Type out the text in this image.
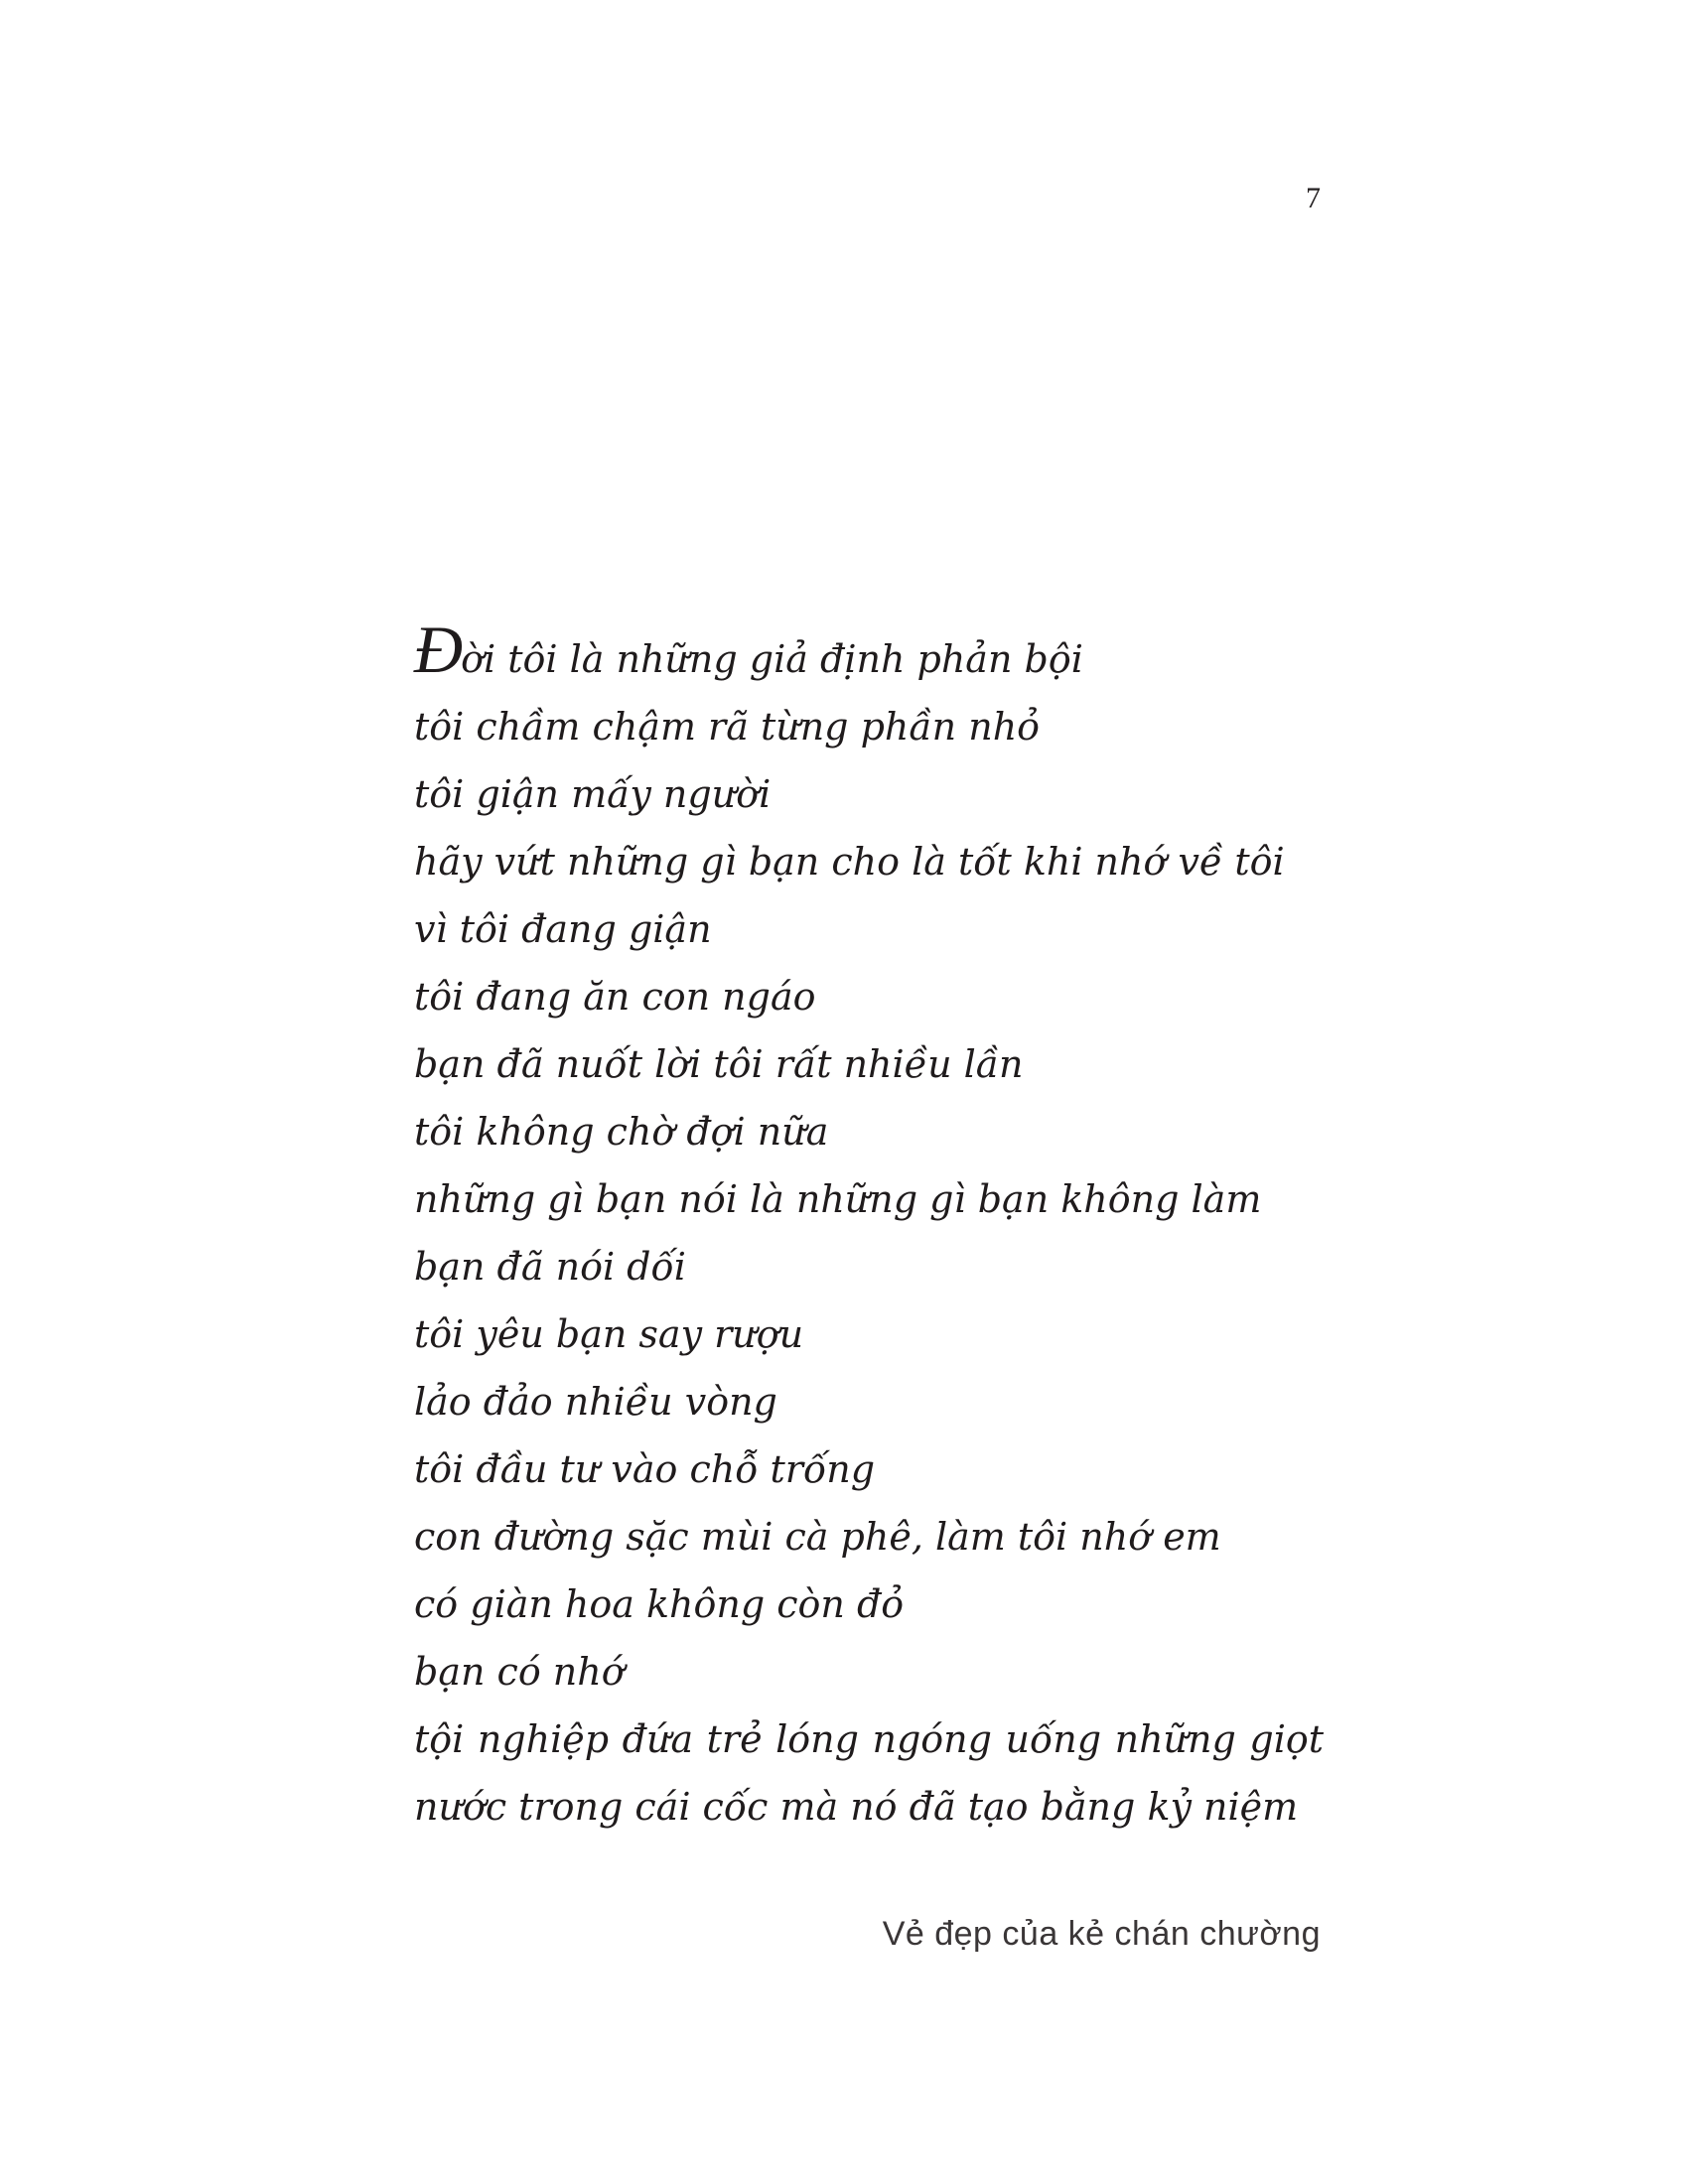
7
Đời tôi là những giả định phản bội
tôi chầm chậm rã từng phần nhỏ
tôi giận mấy người
hãy vứt những gì bạn cho là tốt khi nhớ về tôi
vì tôi đang giận
tôi đang ăn con ngáo
bạn đã nuốt lời tôi rất nhiều lần
tôi không chờ đợi nữa
những gì bạn nói là những gì bạn không làm
bạn đã nói dối
tôi yêu bạn say rượu
lảo đảo nhiều vòng
tôi đầu tư vào chỗ trống
con đường sặc mùi cà phê, làm tôi nhớ em
có giàn hoa không còn đỏ
bạn có nhớ
tội nghiệp đứa trẻ lóng ngóng uống những giọt
nước trong cái cốc mà nó đã tạo bằng kỷ niệm
Vẻ đẹp của kẻ chán chường
